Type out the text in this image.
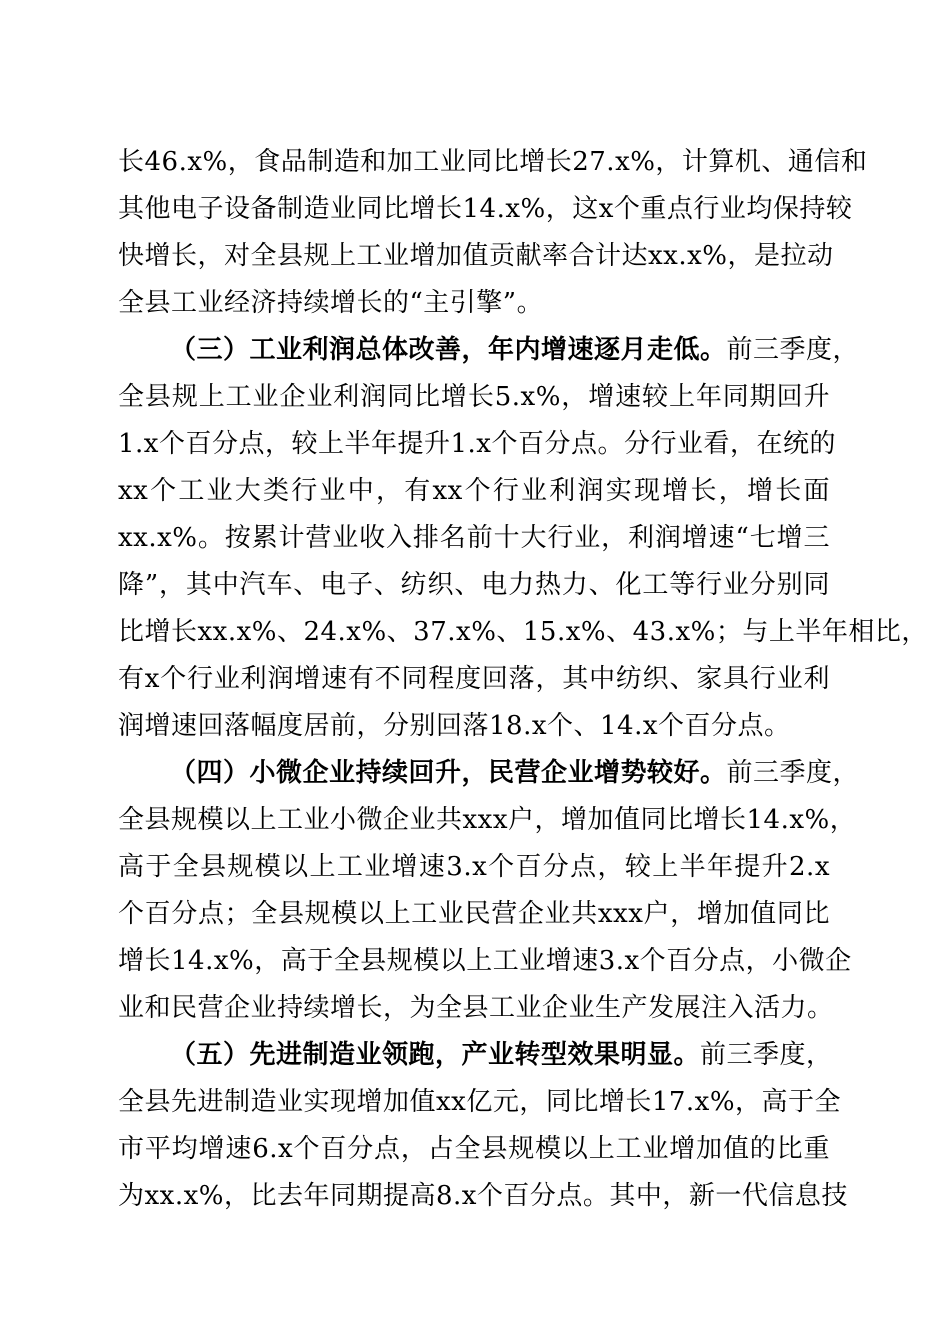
长46.x%，食品制造和加工业同比增长27.x%，计算机、通信和
其他电子设备制造业同比增长14.x%，这x个重点行业均保持较
快增长，对全县规上工业增加值贡献率合计达xx.x%，是拉动
全县工业经济持续增长的“主引擎”。
（三）工业利润总体改善，年内增速逐月走低。前三季度，
全县规上工业企业利润同比增长5.x%，增速较上年同期回升
1.x个百分点，较上半年提升1.x个百分点。分行业看，在统的
xx个工业大类行业中，有xx个行业利润实现增长，增长面
xx.x%。按累计营业收入排名前十大行业，利润增速“七增三
降”，其中汽车、电子、纺织、电力热力、化工等行业分别同
比增长xx.x%、24.x%、37.x%、15.x%、43.x%；与上半年相比，
有x个行业利润增速有不同程度回落，其中纺织、家具行业利
润增速回落幅度居前，分别回落18.x个、14.x个百分点。
（四）小微企业持续回升，民营企业增势较好。前三季度，
全县规模以上工业小微企业共xxx户，增加值同比增长14.x%，
高于全县规模以上工业增速3.x个百分点，较上半年提升2.x
个百分点；全县规模以上工业民营企业共xxx户，增加值同比
增长14.x%，高于全县规模以上工业增速3.x个百分点，小微企
业和民营企业持续增长，为全县工业企业生产发展注入活力。
（五）先进制造业领跑，产业转型效果明显。前三季度，
全县先进制造业实现增加值xx亿元，同比增长17.x%，高于全
市平均增速6.x个百分点，占全县规模以上工业增加值的比重
为xx.x%，比去年同期提高8.x个百分点。其中，新一代信息技
